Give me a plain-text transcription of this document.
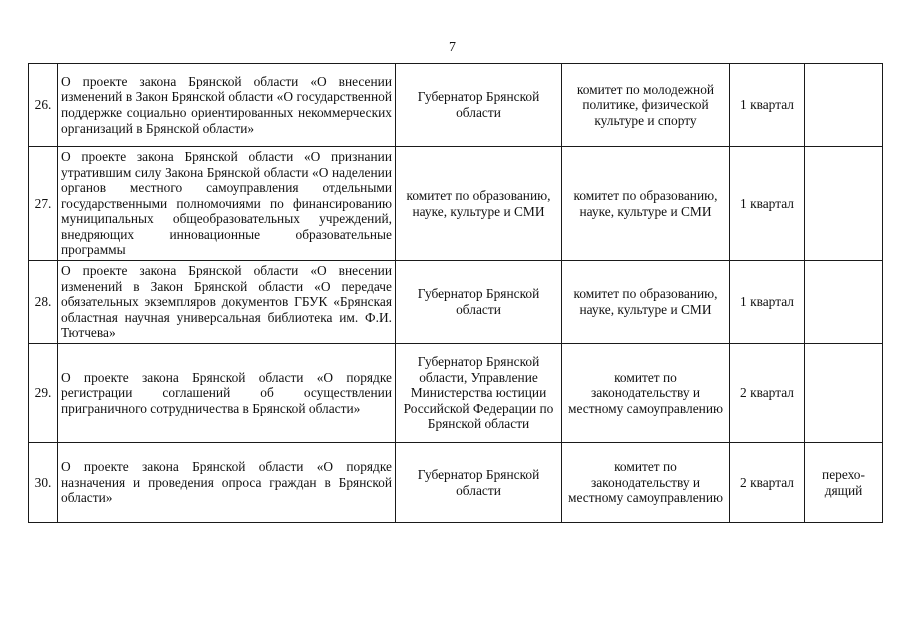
7
26.	О проекте закона Брянской области «О внесении изменений в Закон Брянской области «О государственной поддержке социально ориентированных некоммерческих организаций в Брянской области»	Губернатор Брянской области	комитет по молодежной политике, физической культуре и спорту	1 квартал	
27.	О проекте закона Брянской области «О признании утратившим силу Закона Брянской области «О наделении органов местного самоуправления отдельными государственными полномочиями по финансированию муниципальных общеобразовательных учреждений, внедряющих инновационные образовательные программы	комитет по образованию, науке, культуре и СМИ	комитет по образованию, науке, культуре и СМИ	1 квартал	
28.	О проекте закона Брянской области «О внесении изменений в Закон Брянской области «О передаче обязательных экземпляров документов ГБУК «Брянская областная научная универсальная библиотека им. Ф.И. Тютчева»	Губернатор Брянской области	комитет по образованию, науке, культуре и СМИ	1 квартал	
29.	О проекте закона Брянской области «О порядке регистрации соглашений об осуществлении приграничного сотрудничества в Брянской области»	Губернатор Брянской области, Управление Министерства юстиции Российской Федерации по Брянской области	комитет по законодательству и местному самоуправлению	2 квартал	
30.	О проекте закона Брянской области «О порядке назначения и проведения опроса граждан в Брянской области»	Губернатор Брянской области	комитет по законодательству и местному самоуправлению	2 квартал	перехо-дящий
